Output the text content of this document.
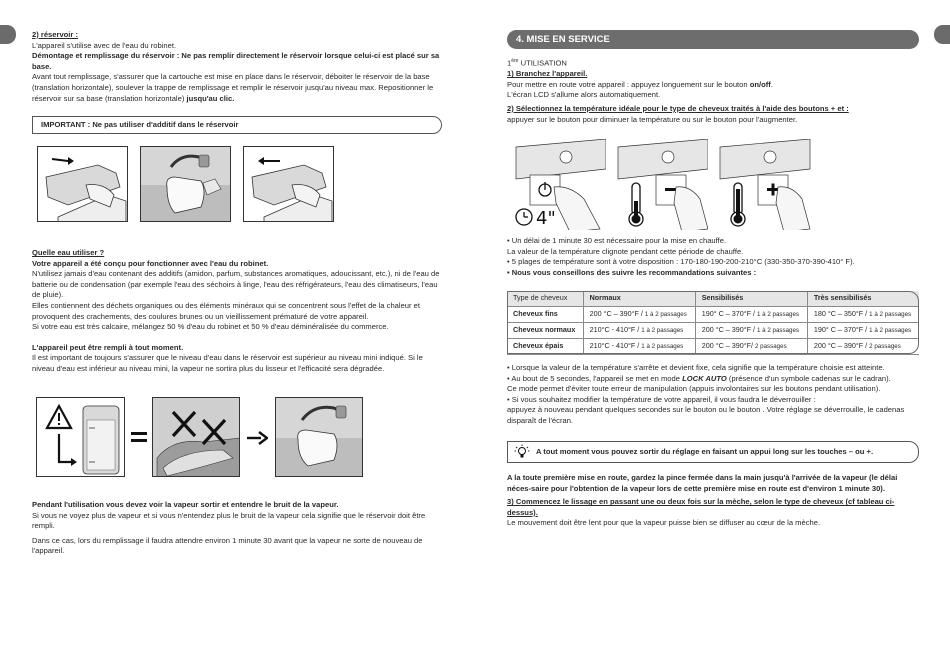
2) réservoir :

L'appareil s'utilise avec de l'eau du robinet.

Démontage et remplissage du réservoir : Ne pas remplir directement le réservoir lorsque celui-ci est placé sur sa base.

Avant tout remplissage, s'assurer que la cartouche est mise en place dans le réservoir, déboiter le réservoir de la base (translation horizontale), soulever la trappe de remplissage et remplir le réservoir jusqu'au niveau max. Repositionner le réservoir sur sa base (translation horizontale) jusqu'au clic.

IMPORTANT : Ne pas utiliser d'additif dans le réservoir

Quelle eau utiliser ?

Votre appareil a été conçu pour fonctionner avec l'eau du robinet.

N'utilisez jamais d'eau contenant des additifs (amidon, parfum, substances aromatiques, adoucissant, etc.), ni de l'eau de batterie ou de condensation (par exemple l'eau des séchoirs à linge, l'eau des réfrigérateurs, l'eau des climatiseurs, l'eau de pluie).

Elles contiennent des déchets organiques ou des éléments minéraux qui se concentrent sous l'effet de la chaleur et provoquent des crachements, des coulures brunes ou un vieillissement prématuré de votre appareil.

Si votre eau est très calcaire, mélangez 50 % d'eau du robinet et 50 % d'eau déminéralisée du commerce.

L'appareil peut être rempli à tout moment.

Il est important de toujours s'assurer que le niveau d'eau dans le réservoir est supérieur au niveau mini indiqué. Si le niveau d'eau est inférieur au niveau mini, la vapeur ne sortira plus du lisseur et l'efficacité sera dégradée.

Pendant l'utilisation vous devez voir la vapeur sortir et entendre le bruit de la vapeur.

Si vous ne voyez plus de vapeur et si vous n'entendez plus le bruit de la vapeur cela signifie que le réservoir doit être rempli.

Dans ce cas, lors du remplissage il faudra attendre environ 1 minute 30 avant que la vapeur ne sorte de nouveau de l'appareil.

4. MISE EN SERVICE

1ère UTILISATION

1) Branchez l'appareil.

Pour mettre en route votre appareil : appuyez longuement sur le bouton on/off.

L'écran LCD s'allume alors automatiquement.

2) Sélectionnez la température idéale pour le type de cheveux traités à l'aide des boutons + et :

appuyer sur le bouton pour diminuer la température ou sur le bouton pour l'augmenter.

4"

• Un délai de 1 minute 30 est nécessaire pour la mise en chauffe.

La valeur de la température clignote pendant cette période de chauffe.

• 5 plages de température sont à votre disposition : 170-180-190-200-210°C (330-350-370-390-410° F).

• Nous vous conseillons des suivre les recommandations suivantes :

Type de cheveux	Normaux	Sensibilisés	Très sensibilisés
Cheveux fins	200 °C – 390°F / 1 à 2 passages	190° C – 370°F / 1 à 2 passages	180 °C – 350°F / 1 à 2 passages
Cheveux normaux	210°C - 410°F / 1 à 2 passages	200 °C – 390°F / 1 à 2 passages	190° C – 370°F / 1 à 2 passages
Cheveux épais	210°C - 410°F / 1 à 2 passages	200 °C – 390°F/ 2 passages	200 °C – 390°F / 2 passages

• Lorsque la valeur de la température s'arrête et devient fixe, cela signifie que la température choisie est atteinte.

• Au bout de 5 secondes, l'appareil se met en mode LOCK AUTO (présence d'un symbole cadenas sur le cadran).

Ce mode permet d'éviter toute erreur de manipulation (appuis involontaires sur les boutons pendant utilisation).

• Si vous souhaitez modifier la température de votre appareil, il vous faudra le déverrouiller :

appuyez à nouveau pendant quelques secondes sur le bouton ou le bouton . Votre réglage se déverrouille, le cadenas disparaît de l'écran.

A tout moment vous pouvez sortir du réglage en faisant un appui long sur les touches – ou +.

A la toute première mise en route, gardez la pince fermée dans la main jusqu'à l'arrivée de la vapeur (le délai néces-saire pour l'obtention de la vapeur lors de cette première mise en route est d'environ 1 minute 30).

3) Commencez le lissage en passant une ou deux fois sur la mèche, selon le type de cheveux (cf tableau ci-dessus).

Le mouvement doit être lent pour que la vapeur puisse bien se diffuser au cœur de la mèche.
